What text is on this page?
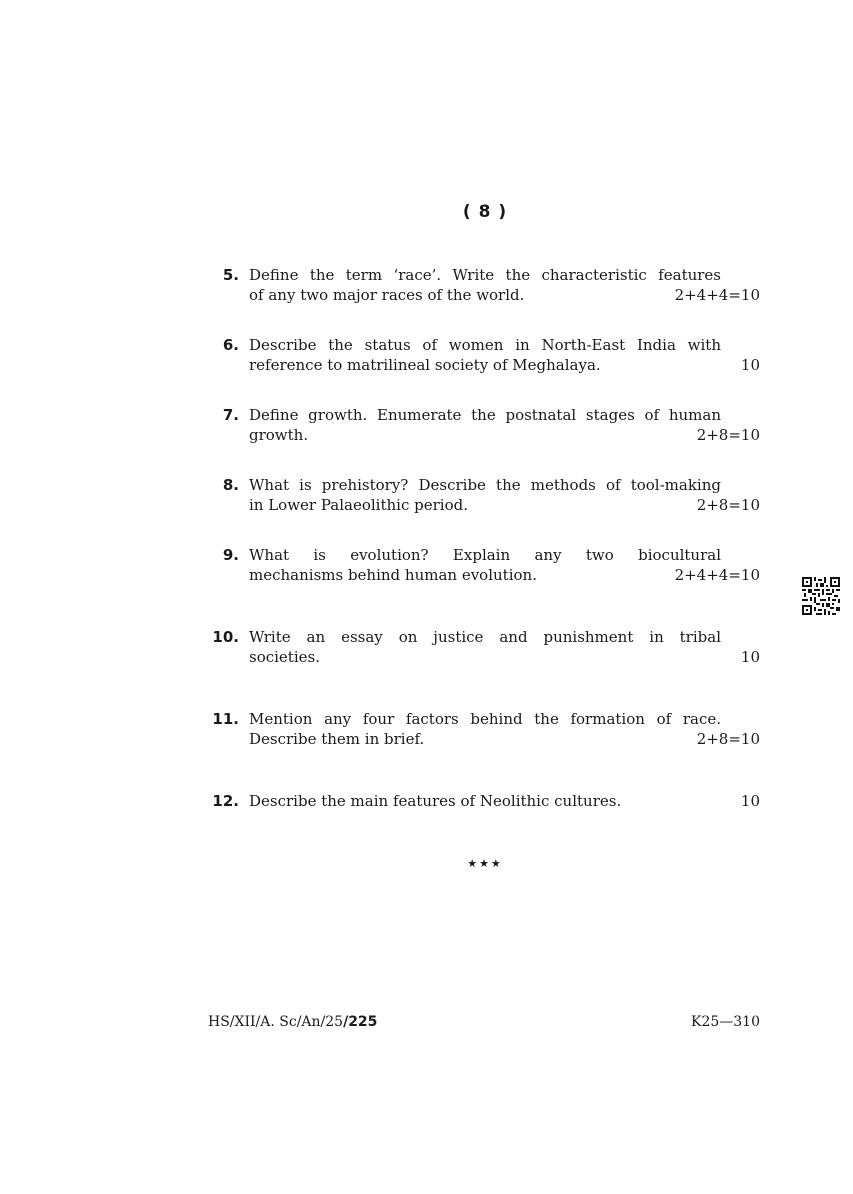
( 8 )
5. Define the term ‘race’. Write the characteristic features
of any two major races of the world.	2+4+4=10
6. Describe the status of women in North-East India with
reference to matrilineal society of Meghalaya.	10
7. Define growth. Enumerate the postnatal stages of human
growth.	2+8=10
8. What is prehistory? Describe the methods of tool-making
in Lower Palaeolithic period.	2+8=10
9. What is evolution? Explain any two biocultural
mechanisms behind human evolution.	2+4+4=10
10. Write an essay on justice and punishment in tribal
societies.	10
11. Mention any four factors behind the formation of race.
Describe them in brief.	2+8=10
12. Describe the main features of Neolithic cultures.	10
★★★
HS/XII/A. Sc/An/25/225	K25—310
